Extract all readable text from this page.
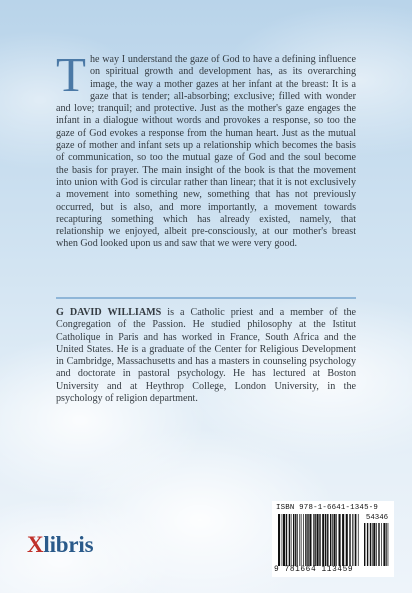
The way I understand the gaze of God to have a defining influence on spiritual growth and development has, as its overarching image, the way a mother gazes at her infant at the breast: It is a gaze that is tender; all-absorbing; exclusive; filled with wonder and love; tranquil; and protective. Just as the mother's gaze engages the infant in a dialogue without words and provokes a response, so too the gaze of God evokes a response from the human heart. Just as the mutual gaze of mother and infant sets up a relationship which becomes the basis of communication, so too the mutual gaze of God and the soul become the basis for prayer. The main insight of the book is that the movement into union with God is circular rather than linear; that it is not exclusively a movement into something new, something that has not previously occurred, but is also, and more importantly, a movement towards recapturing something which has already existed, namely, that relationship we enjoyed, albeit pre-consciously, at our mother's breast when God looked upon us and saw that we were very good.
G DAVID WILLIAMS is a Catholic priest and a member of the Congregation of the Passion. He studied philosophy at the Istitut Catholique in Paris and has worked in France, South Africa and the United States. He is a graduate of the Center for Religious Development in Cambridge, Massachusetts and has a masters in counseling psychology and doctorate in pastoral psychology. He has lectured at Boston University and at Heythrop College, London University, in the psychology of religion department.
Xlibris
ISBN 978-1-6641-1345-9
54346
9 781664 113459
